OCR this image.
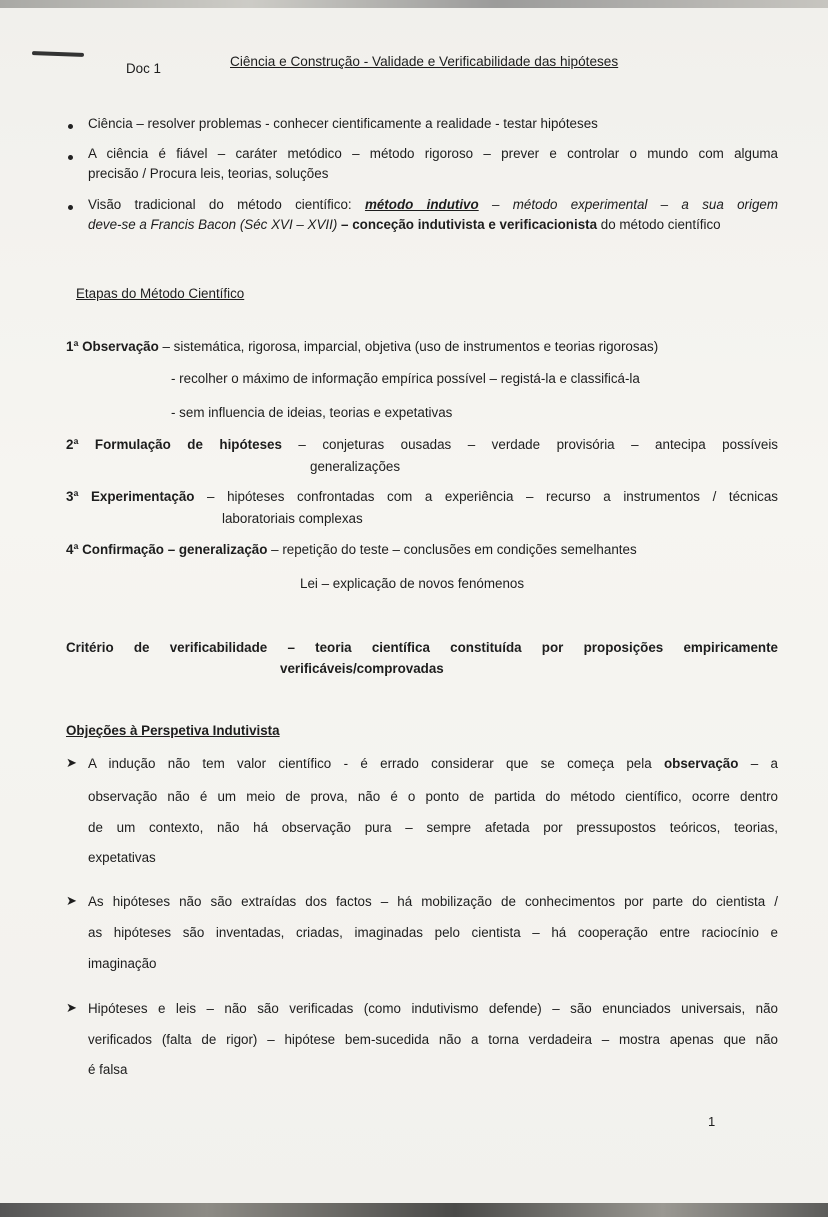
Doc 1	Ciência e Construção - Validade e Verificabilidade das hipóteses
Ciência – resolver problemas - conhecer cientificamente a realidade - testar hipóteses
A ciência é fiável – caráter metódico – método rigoroso – prever e controlar o mundo com alguma
precisão / Procura leis, teorias, soluções
Visão tradicional do método científico: método indutivo – método experimental – a sua origem
deve-se a Francis Bacon (Séc XVI – XVII) – conceção indutivista e verificacionista do método científico
Etapas do Método Científico
1ª Observação – sistemática, rigorosa, imparcial, objetiva (uso de instrumentos e teorias rigorosas)
- recolher o máximo de informação empírica possível – registá-la e classificá-la
- sem influencia de ideias, teorias e expetativas
2ª Formulação de hipóteses – conjeturas ousadas – verdade provisória – antecipa possíveis
generalizações
3ª Experimentação – hipóteses confrontadas com a experiência – recurso a instrumentos / técnicas
laboratoriais complexas
4ª Confirmação – generalização – repetição do teste – conclusões em condições semelhantes
Lei – explicação de novos fenómenos
Critério de verificabilidade – teoria científica constituída por proposições empiricamente
verificáveis/comprovadas
Objeções à Perspetiva Indutivista
➤ A indução não tem valor científico - é errado considerar que se começa pela observação – a
observação não é um meio de prova, não é o ponto de partida do método científico, ocorre dentro
de um contexto, não há observação pura – sempre afetada por pressupostos teóricos, teorias,
expetativas
➤ As hipóteses não são extraídas dos factos – há mobilização de conhecimentos por parte do cientista /
as hipóteses são inventadas, criadas, imaginadas pelo cientista – há cooperação entre raciocínio e
imaginação
➤ Hipóteses e leis – não são verificadas (como indutivismo defende) – são enunciados universais, não
verificados (falta de rigor) – hipótese bem-sucedida não a torna verdadeira – mostra apenas que não
é falsa
1
